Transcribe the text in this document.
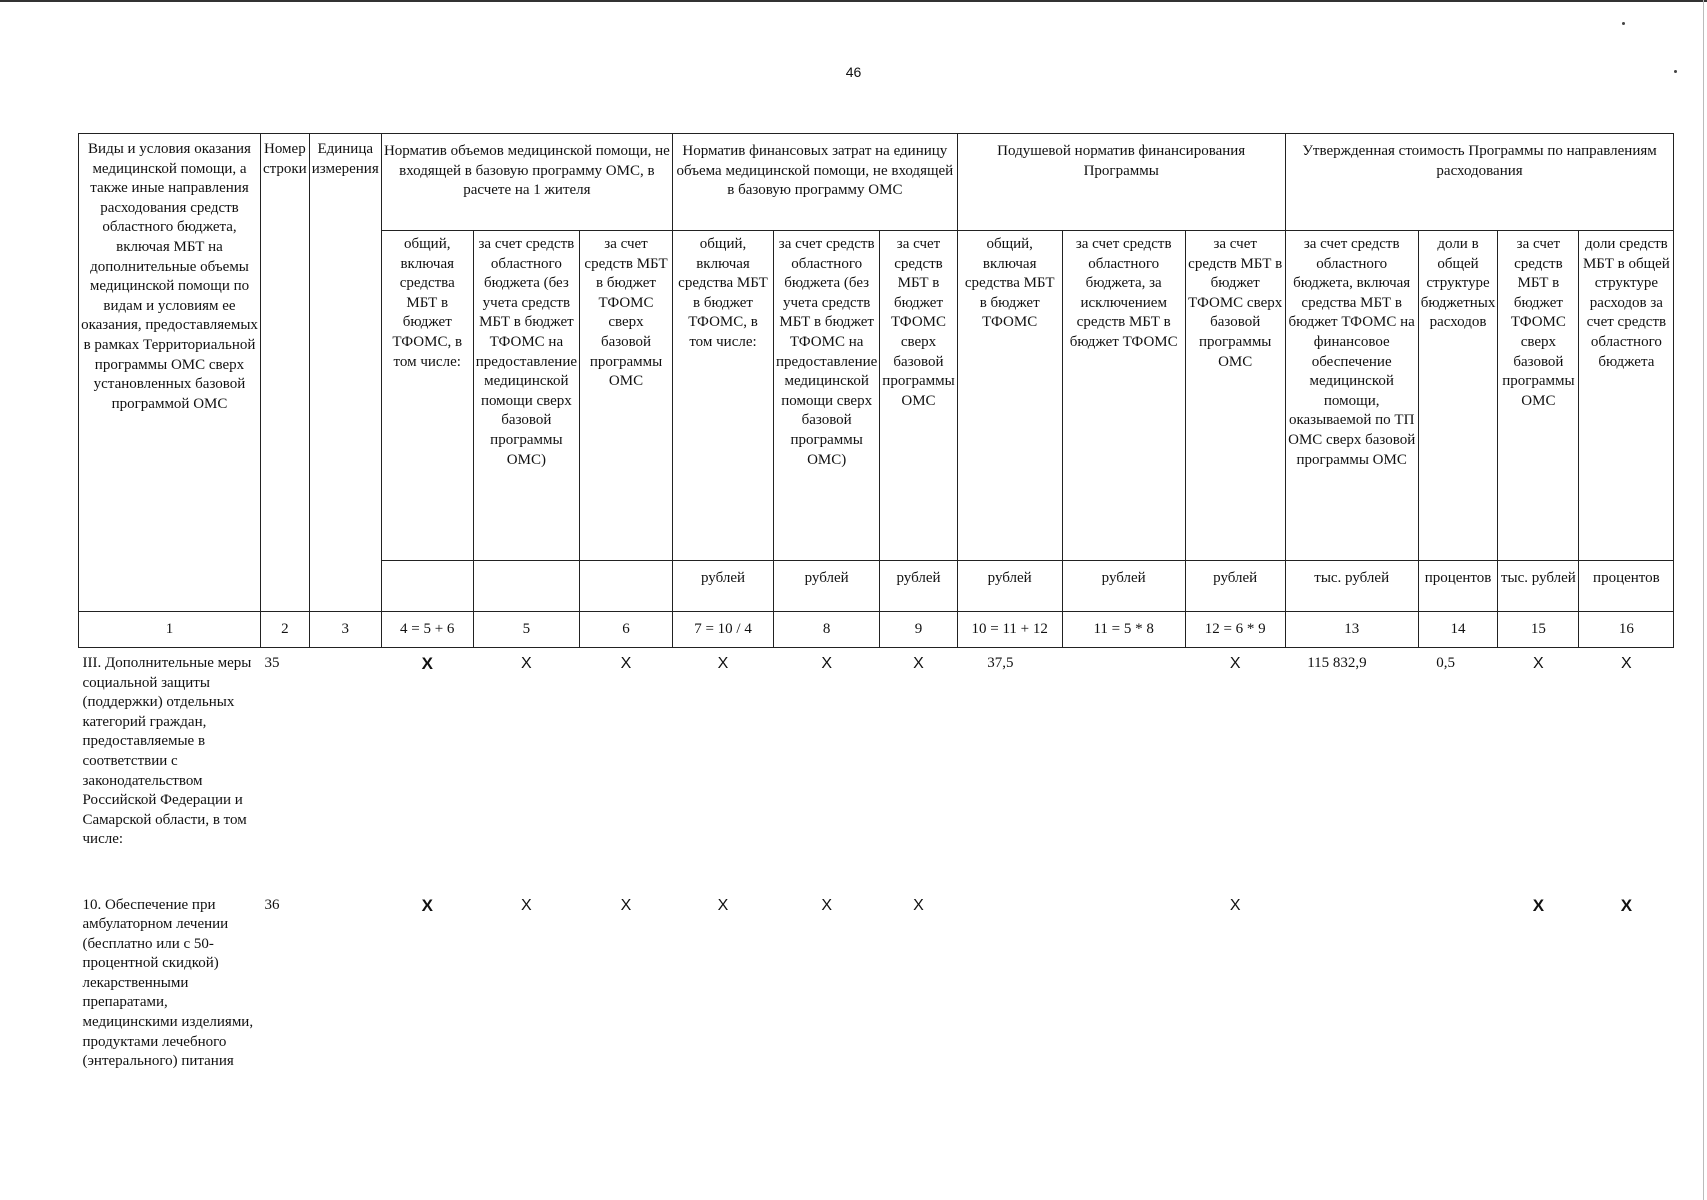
46
Виды и условия оказания медицинской помощи, а также иные направления расходования средств областного бюджета, включая МБТ на дополнительные объемы медицинской помощи по видам и условиям ее оказания, предоставляемых в рамках Территориальной программы ОМС сверх установленных базовой программой ОМС	Номер строки	Единица измерения	Норматив объемов медицинской помощи, не входящей в базовую программу ОМС, в расчете на 1 жителя			Норматив финансовых затрат на единицу объема медицинской помощи, не входящей в базовую программу ОМС			Подушевой норматив финансирования Программы			Утвержденная стоимость Программы по направлениям расходования			
			общий, включая средства МБТ в бюджет ТФОМС, в том числе:	за счет средств областного бюджета (без учета средств МБТ в бюджет ТФОМС на предоставление медицинской помощи сверх базовой программы ОМС)	за счет средств МБТ в бюджет ТФОМС сверх базовой программы ОМС	общий, включая средства МБТ в бюджет ТФОМС, в том числе:	за счет средств областного бюджета (без учета средств МБТ в бюджет ТФОМС на предоставление медицинской помощи сверх базовой программы ОМС)	за счет средств МБТ в бюджет ТФОМС сверх базовой программы ОМС	общий, включая средства МБТ в бюджет ТФОМС	за счет средств областного бюджета, за исключением средств МБТ в бюджет ТФОМС	за счет средств МБТ в бюджет ТФОМС сверх базовой программы ОМС	за счет средств областного бюджета, включая средства МБТ в бюджет ТФОМС на финансовое обеспечение медицинской помощи, оказываемой по ТП ОМС сверх базовой программы ОМС	доли в общей структуре бюджетных расходов	за счет средств МБТ в бюджет ТФОМС сверх базовой программы ОМС	доли средств МБТ в общей структуре расходов за счет средств областного бюджета
						рублей	рублей	рублей	рублей	рублей	рублей	тыс. рублей	процентов	тыс. рублей	процентов
1	2	3	4 = 5 + 6	5	6	7 = 10 / 4	8	9	10 = 11 + 12	11 = 5 * 8	12 = 6 * 9	13	14	15	16
III. Дополнительные меры социальной защиты (поддержки) отдельных категорий граждан, предоставляемые в соответствии с законодательством Российской Федерации и Самарской области, в том числе:	35		X	X	X	X	X	X	37,5		X	115 832,9	0,5	X	X
10. Обеспечение при амбулаторном лечении (бесплатно или с 50-процентной скидкой) лекарственными препаратами, медицинскими изделиями, продуктами лечебного (энтерального) питания	36		X	X	X	X	X	X			X			X	X
